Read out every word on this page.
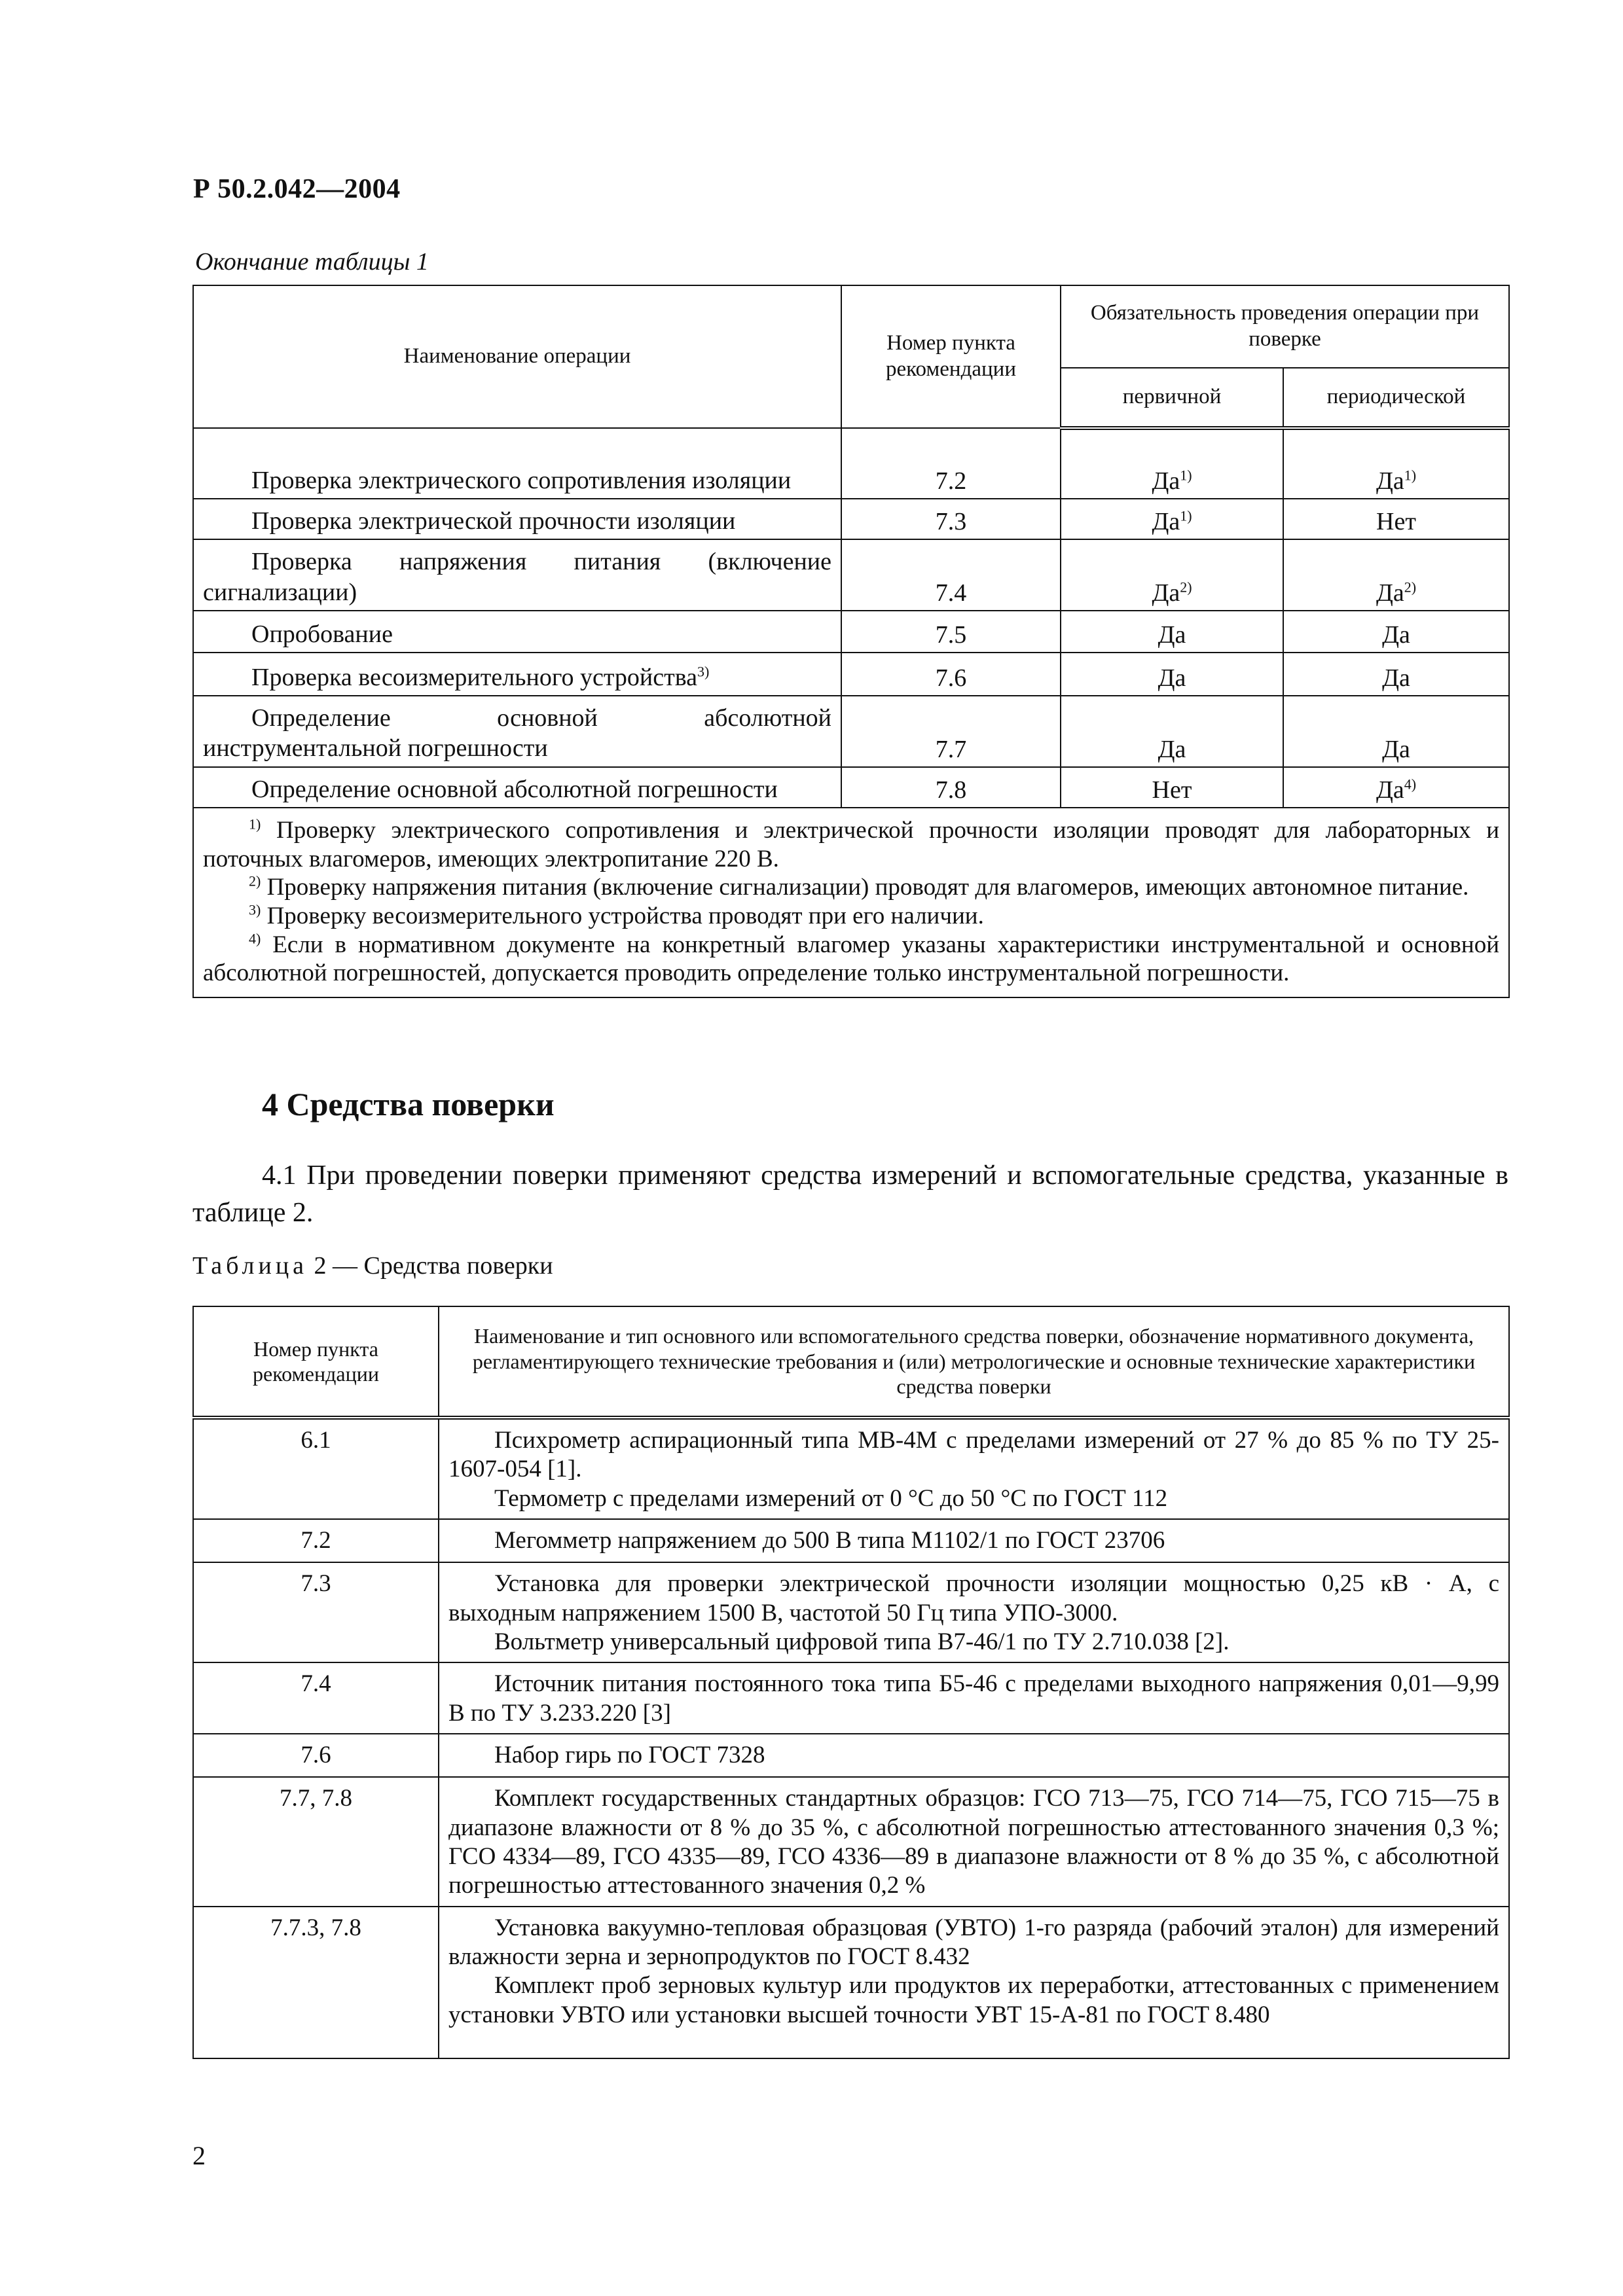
Р 50.2.042—2004
Окончание таблицы 1
Наименование операции	Номер пункта рекомендации	Обязательность проведения операции при поверке	
		первичной	периодической
Проверка электрического сопротивления изоляции	7.2	$Да^{1)}$	$Да^{1)}$
Проверка электрической прочности изоляции	7.3	$Да^{1)}$	Нет
Проверка напряжения питания (включение сигнализации)	7.4	$Да^{2)}$	$Да^{2)}$
Опробование	7.5	Да	Да
Проверка весоизмерительного устройства$^{3)}$	7.6	Да	Да
Определение основной абсолютной инструментальной погрешности	7.7	Да	Да
Определение основной абсолютной погрешности	7.8	Нет	$Да^{4)}$

$^{1)}$ Проверку электрического сопротивления и электрической прочности изоляции проводят для лабораторных и поточных влагомеров, имеющих электропитание 220 В.

$^{2)}$ Проверку напряжения питания (включение сигнализации) проводят для влагомеров, имеющих автономное питание.

$^{3)}$ Проверку весоизмерительного устройства проводят при его наличии.

$^{4)}$ Если в нормативном документе на конкретный влагомер указаны характеристики инструментальной и основной абсолютной погрешностей, допускается проводить определение только инструментальной погрешности.			

4 Средства поверки

4.1 При проведении поверки применяют средства измерений и вспомогательные средства, указанные в таблице 2.

Таблица 2 — Средства поверки
Номер пункта рекомендации	Наименование и тип основного или вспомогательного средства поверки, обозначение нормативного документа, регламентирующего технические требования и (или) метрологические и основные технические характеристики средства поверки
6.1	Психрометр аспирационный типа МВ-4М с пределами измерений от 27 % до 85 % по ТУ 25-1607-054 [1].

Термометр с пределами измерений от 0 °С до 50 °С по ГОСТ 112

7.2	Мегомметр напряжением до 500 В типа М1102/1 по ГОСТ 23706

7.3	Установка для проверки электрической прочности изоляции мощностью 0,25 кВ · А, с выходным напряжением 1500 В, частотой 50 Гц типа УПО-3000.

Вольтметр универсальный цифровой типа В7-46/1 по ТУ 2.710.038 [2].

7.4	Источник питания постоянного тока типа Б5-46 с пределами выходного напряжения 0,01—9,99 В по ТУ 3.233.220 [3]

7.6	Набор гирь по ГОСТ 7328

7.7, 7.8	Комплект государственных стандартных образцов: ГСО 713—75, ГСО 714—75, ГСО 715—75 в диапазоне влажности от 8 % до 35 %, с абсолютной погрешностью аттестованного значения 0,3 %; ГСО 4334—89, ГСО 4335—89, ГСО 4336—89 в диапазоне влажности от 8 % до 35 %, с абсолютной погрешностью аттестованного значения 0,2 %

7.7.3, 7.8	Установка вакуумно-тепловая образцовая (УВТО) 1-го разряда (рабочий эталон) для измерений влажности зерна и зернопродуктов по ГОСТ 8.432

Комплект проб зерновых культур или продуктов их переработки, аттестованных с применением установки УВТО или установки высшей точности УВТ 15-А-81 по ГОСТ 8.480

2
